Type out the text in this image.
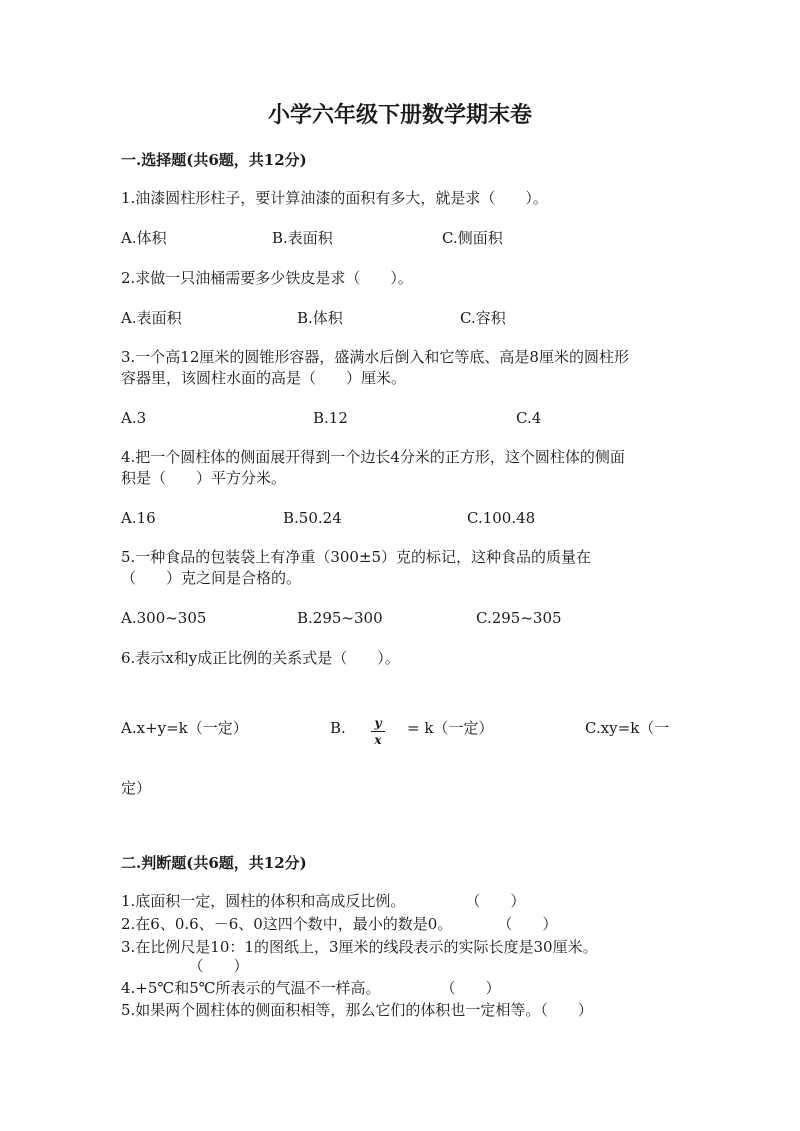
小学六年级下册数学期末卷
一.选择题(共6题，共12分)
1.油漆圆柱形柱子，要计算油漆的面积有多大，就是求（　　）。
A.体积	B.表面积	C.侧面积
2.求做一只油桶需要多少铁皮是求（　　）。
A.表面积	B.体积	C.容积
3.一个高12厘米的圆锥形容器，盛满水后倒入和它等底、高是8厘米的圆柱形
容器里，该圆柱水面的高是（　　）厘米。
A.3	B.12	C.4
4.把一个圆柱体的侧面展开得到一个边长4分米的正方形，这个圆柱体的侧面
积是（　　）平方分米。
A.16	B.50.24	C.100.48
5.一种食品的包装袋上有净重（300±5）克的标记，这种食品的质量在
（　　）克之间是合格的。
A.300~305	B.295~300	C.295~305
6.表示x和y成正比例的关系式是（　　）。
A.x+y=k（一定）	B. y
x
= k（一定）	C.xy=k（一
定）
二.判断题(共6题，共12分)
1.底面积一定，圆柱的体积和高成反比例。　　　　　（　　）
2.在6、0.6、－6、0这四个数中，最小的数是0。　　　　（　　）
3.在比例尺是10：1的图纸上，3厘米的线段表示的实际长度是30厘米。
　　　　　（　　）
4.+5℃和5℃所表示的气温不一样高。　　　　　（　　）
5.如果两个圆柱体的侧面积相等，那么它们的体积也一定相等。（　　）
